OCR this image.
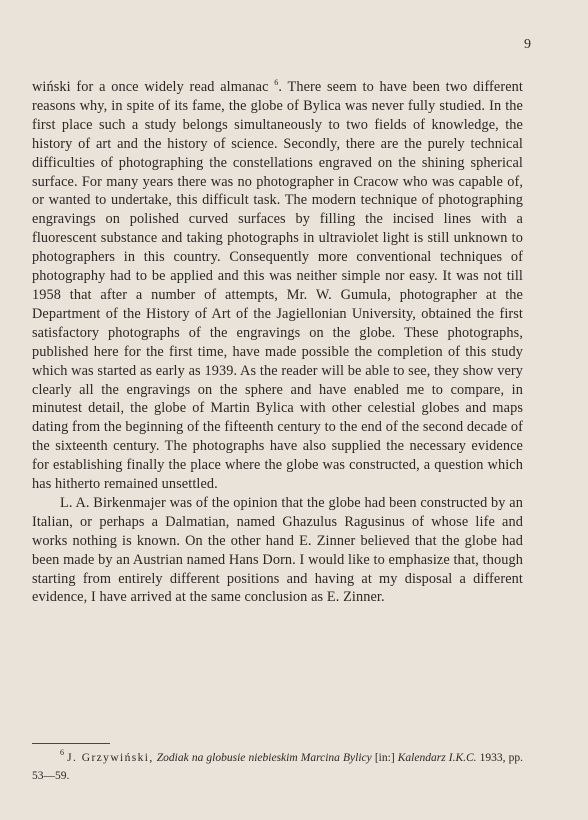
9

wiński for a once widely read almanac $^6$. There seem to have been two different reasons why, in spite of its fame, the globe of Bylica was never fully studied. In the first place such a study belongs simultaneously to two fields of knowledge, the history of art and the history of science. Secondly, there are the purely technical difficulties of photographing the constellations engraved on the shining spherical surface. For many years there was no photographer in Cracow who was capable of, or wanted to undertake, this difficult task. The modern technique of photographing engravings on polished curved surfaces by filling the incised lines with a fluorescent substance and taking photographs in ultraviolet light is still unknown to photographers in this country. Consequently more conventional techniques of photography had to be applied and this was neither simple nor easy. It was not till 1958 that after a number of attempts, Mr. W. Gumula, photographer at the Department of the History of Art of the Jagiellonian University, obtained the first satisfactory photographs of the engravings on the globe. These photographs, published here for the first time, have made possible the completion of this study which was started as early as 1939. As the reader will be able to see, they show very clearly all the engravings on the sphere and have enabled me to compare, in minutest detail, the globe of Martin Bylica with other celestial globes and maps dating from the beginning of the fifteenth century to the end of the second decade of the sixteenth century. The photographs have also supplied the necessary evidence for establishing finally the place where the globe was constructed, a question which has hitherto remained unsettled.

L. A. Birkenmajer was of the opinion that the globe had been constructed by an Italian, or perhaps a Dalmatian, named Ghazulus Ragusinus of whose life and works nothing is known. On the other hand E. Zinner believed that the globe had been made by an Austrian named Hans Dorn. I would like to emphasize that, though starting from entirely different positions and having at my disposal a different evidence, I have arrived at the same conclusion as E. Zinner.

$^6$ J. Grzywiński, Zodiak na globusie niebieskim Marcina Bylicy [in:] Kalendarz I.K.C. 1933, pp. 53—59.
